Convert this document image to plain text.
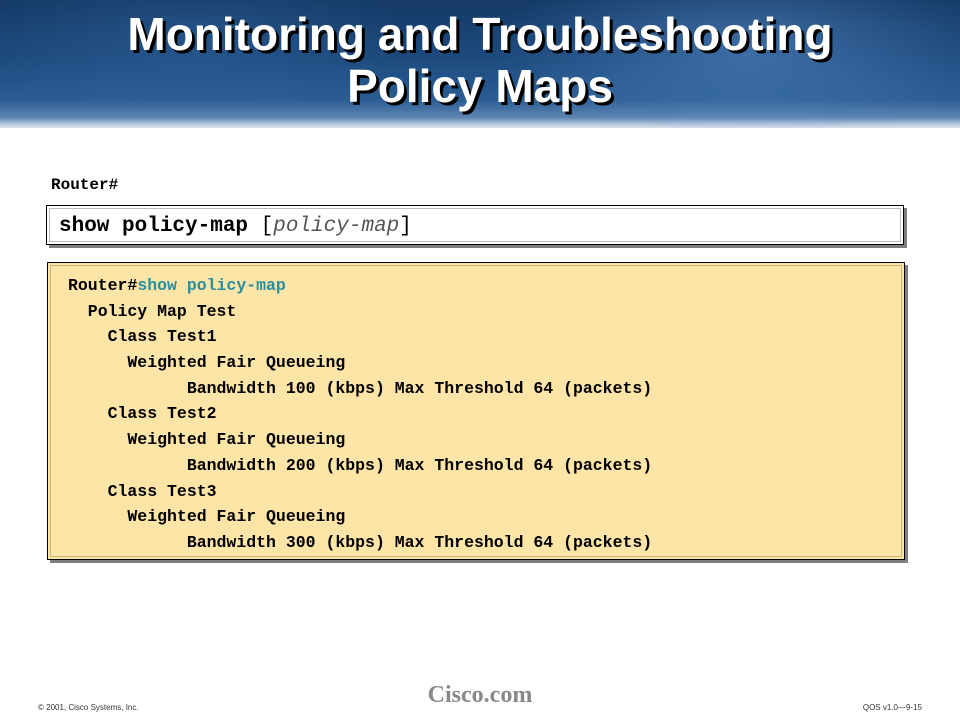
Monitoring and Troubleshooting
Policy Maps
Router#
show policy-map [policy-map]
Router#show policy-map
Policy Map Test
Class Test1
Weighted Fair Queueing
Bandwidth 100 (kbps) Max Threshold 64 (packets)
Class Test2
Weighted Fair Queueing
Bandwidth 200 (kbps) Max Threshold 64 (packets)
Class Test3
Weighted Fair Queueing
Bandwidth 300 (kbps) Max Threshold 64 (packets)
© 2001, Cisco Systems, Inc.	Cisco.com	QOS v1.0—9-15
